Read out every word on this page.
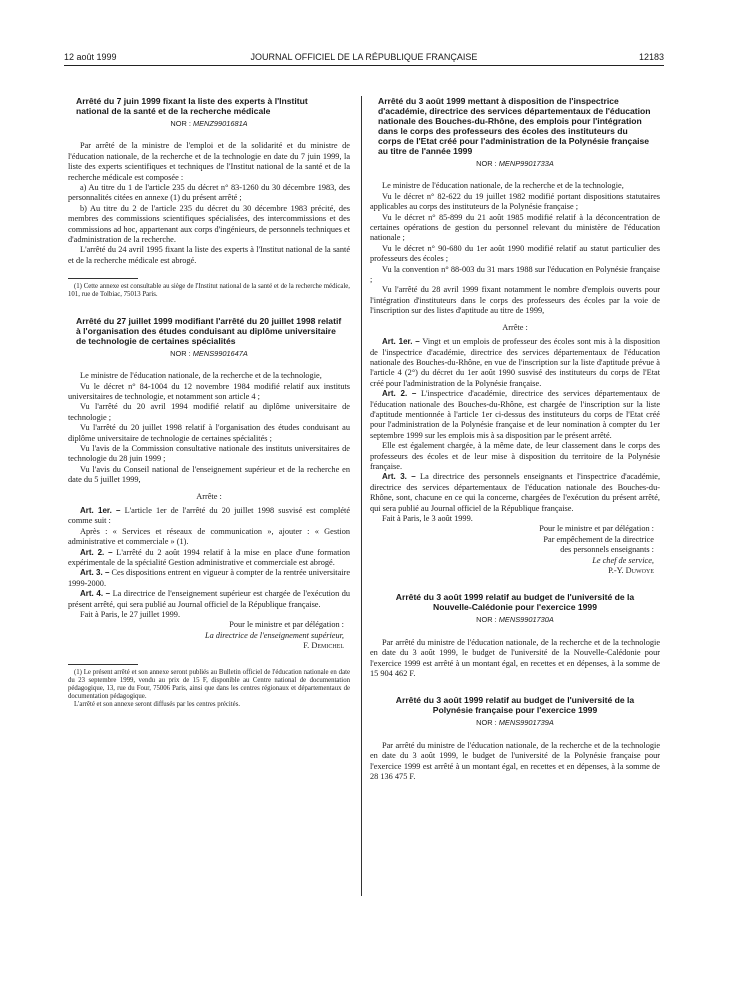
12 août 1999	JOURNAL OFFICIEL DE LA RÉPUBLIQUE FRANÇAISE	12183
Arrêté du 7 juin 1999 fixant la liste des experts à l'Institut national de la santé et de la recherche médicale
NOR : MENZ9901681A

Par arrêté de la ministre de l'emploi et de la solidarité et du ministre de l'éducation nationale, de la recherche et de la technologie en date du 7 juin 1999, la liste des experts scientifiques et techniques de l'Institut national de la santé et de la recherche médicale est composée :

a) Au titre du 1 de l'article 235 du décret n° 83-1260 du 30 décembre 1983, des personnalités citées en annexe (1) du présent arrêté ;

b) Au titre du 2 de l'article 235 du décret du 30 décembre 1983 précité, des membres des commissions scientifiques spécialisées, des intercommissions et des commissions ad hoc, appartenant aux corps d'ingénieurs, de personnels techniques et d'administration de la recherche.

L'arrêté du 24 avril 1995 fixant la liste des experts à l'Institut national de la santé et de la recherche médicale est abrogé.

(1) Cette annexe est consultable au siège de l'Institut national de la santé et de la recherche médicale, 101, rue de Tolbiac, 75013 Paris.

Arrêté du 27 juillet 1999 modifiant l'arrêté du 20 juillet 1998 relatif à l'organisation des études conduisant au diplôme universitaire de technologie de certaines spécialités
NOR : MENS9901647A

Le ministre de l'éducation nationale, de la recherche et de la technologie,

Vu le décret n° 84-1004 du 12 novembre 1984 modifié relatif aux instituts universitaires de technologie, et notamment son article 4 ;

Vu l'arrêté du 20 avril 1994 modifié relatif au diplôme universitaire de technologie ;

Vu l'arrêté du 20 juillet 1998 relatif à l'organisation des études conduisant au diplôme universitaire de technologie de certaines spécialités ;

Vu l'avis de la Commission consultative nationale des instituts universitaires de technologie du 28 juin 1999 ;

Vu l'avis du Conseil national de l'enseignement supérieur et de la recherche en date du 5 juillet 1999,

Arrête :

Art. 1er. – L'article 1er de l'arrêté du 20 juillet 1998 susvisé est complété comme suit :

Après : « Services et réseaux de communication », ajouter : « Gestion administrative et commerciale » (1).

Art. 2. – L'arrêté du 2 août 1994 relatif à la mise en place d'une formation expérimentale de la spécialité Gestion administrative et commerciale est abrogé.

Art. 3. – Ces dispositions entrent en vigueur à compter de la rentrée universitaire 1999-2000.

Art. 4. – La directrice de l'enseignement supérieur est chargée de l'exécution du présent arrêté, qui sera publié au Journal officiel de la République française.

Fait à Paris, le 27 juillet 1999.

Pour le ministre et par délégation :

La directrice de l'enseignement supérieur,

F. Demichel

(1) Le présent arrêté et son annexe seront publiés au Bulletin officiel de l'éducation nationale en date du 23 septembre 1999, vendu au prix de 15 F, disponible au Centre national de documentation pédagogique, 13, rue du Four, 75006 Paris, ainsi que dans les centres régionaux et départementaux de documentation pédagogique.

L'arrêté et son annexe seront diffusés par les centres précités.

Arrêté du 3 août 1999 mettant à disposition de l'inspectrice d'académie, directrice des services départementaux de l'éducation nationale des Bouches-du-Rhône, des emplois pour l'intégration dans le corps des professeurs des écoles des instituteurs du corps de l'Etat créé pour l'administration de la Polynésie française au titre de l'année 1999
NOR : MENP9901733A

Le ministre de l'éducation nationale, de la recherche et de la technologie,

Vu le décret n° 82-622 du 19 juillet 1982 modifié portant dispositions statutaires applicables au corps des instituteurs de la Polynésie française ;

Vu le décret n° 85-899 du 21 août 1985 modifié relatif à la déconcentration de certaines opérations de gestion du personnel relevant du ministère de l'éducation nationale ;

Vu le décret n° 90-680 du 1er août 1990 modifié relatif au statut particulier des professeurs des écoles ;

Vu la convention n° 88-003 du 31 mars 1988 sur l'éducation en Polynésie française ;

Vu l'arrêté du 28 avril 1999 fixant notamment le nombre d'emplois ouverts pour l'intégration d'instituteurs dans le corps des professeurs des écoles par la voie de l'inscription sur des listes d'aptitude au titre de 1999,

Arrête :

Art. 1er. – Vingt et un emplois de professeur des écoles sont mis à la disposition de l'inspectrice d'académie, directrice des services départementaux de l'éducation nationale des Bouches-du-Rhône, en vue de l'inscription sur la liste d'aptitude prévue à l'article 4 (2°) du décret du 1er août 1990 susvisé des instituteurs du corps de l'Etat créé pour l'administration de la Polynésie française.

Art. 2. – L'inspectrice d'académie, directrice des services départementaux de l'éducation nationale des Bouches-du-Rhône, est chargée de l'inscription sur la liste d'aptitude mentionnée à l'article 1er ci-dessus des instituteurs du corps de l'Etat créé pour l'administration de la Polynésie française et de leur nomination à compter du 1er septembre 1999 sur les emplois mis à sa disposition par le présent arrêté.

Elle est également chargée, à la même date, de leur classement dans le corps des professeurs des écoles et de leur mise à disposition du territoire de la Polynésie française.

Art. 3. – La directrice des personnels enseignants et l'inspectrice d'académie, directrice des services départementaux de l'éducation nationale des Bouches-du-Rhône, sont, chacune en ce qui la concerne, chargées de l'exécution du présent arrêté, qui sera publié au Journal officiel de la République française.

Fait à Paris, le 3 août 1999.

Pour le ministre et par délégation :

Par empêchement de la directrice

des personnels enseignants :

Le chef de service,

P.-Y. Duwoye

Arrêté du 3 août 1999 relatif au budget de l'université de la Nouvelle-Calédonie pour l'exercice 1999
NOR : MENS9901730A

Par arrêté du ministre de l'éducation nationale, de la recherche et de la technologie en date du 3 août 1999, le budget de l'université de la Nouvelle-Calédonie pour l'exercice 1999 est arrêté à un montant égal, en recettes et en dépenses, à la somme de 15 904 462 F.

Arrêté du 3 août 1999 relatif au budget de l'université de la Polynésie française pour l'exercice 1999
NOR : MENS9901739A

Par arrêté du ministre de l'éducation nationale, de la recherche et de la technologie en date du 3 août 1999, le budget de l'université de la Polynésie française pour l'exercice 1999 est arrêté à un montant égal, en recettes et en dépenses, à la somme de 28 136 475 F.
